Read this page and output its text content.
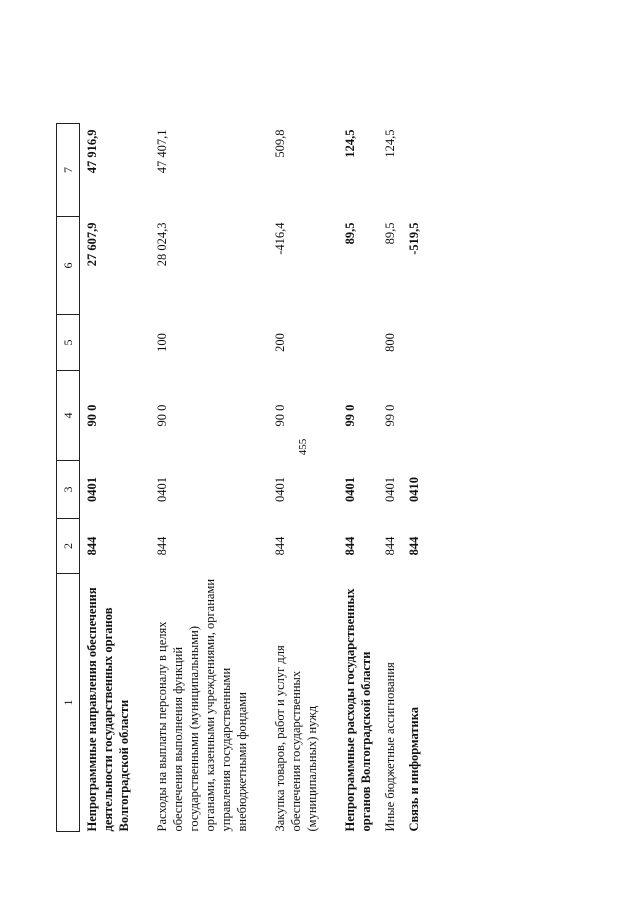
455
1	2	3	4	5	6	7
Непрограммные направления обеспечения деятельности государственных органов Волгоградской области	844	0401	90 0		27 607,9	47 916,9
Расходы на выплаты персоналу в целях обеспечения выполнения функций государственными (муниципальными) органами, казенными учреждениями, органами управления государственными внебюджетными фондами	844	0401	90 0	100	28 024,3	47 407,1
Закупка товаров, работ и услуг для обеспечения государственных (муниципальных) нужд	844	0401	90 0	200	-416,4	509,8
Непрограммные расходы государственных органов Волгоградской области	844	0401	99 0		89,5	124,5
Иные бюджетные ассигнования	844	0401	99 0	800	89,5	124,5
Связь и информатика	844	0410			-519,5	
